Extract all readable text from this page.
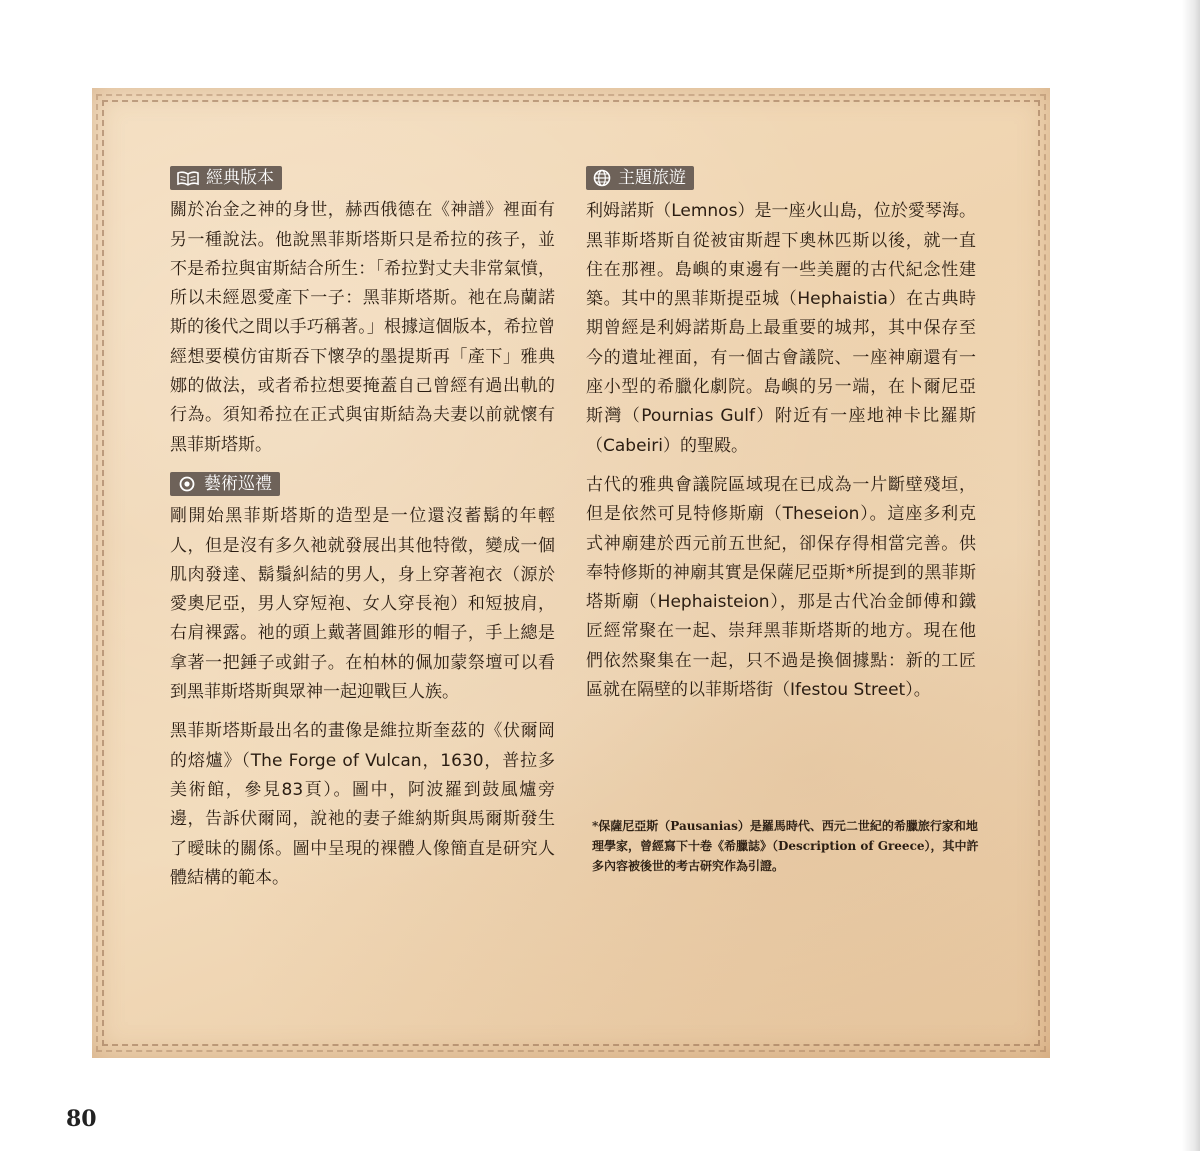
經典版本

關於冶金之神的身世，赫西俄德在《神譜》裡面有另一種說法。他說黑菲斯塔斯只是希拉的孩子，並不是希拉與宙斯結合所生：「希拉對丈夫非常氣憤，所以未經恩愛產下一子：黑菲斯塔斯。祂在烏蘭諾斯的後代之間以手巧稱著。」根據這個版本，希拉曾經想要模仿宙斯吞下懷孕的墨提斯再「產下」雅典娜的做法，或者希拉想要掩蓋自己曾經有過出軌的行為。須知希拉在正式與宙斯結為夫妻以前就懷有黑菲斯塔斯。

藝術巡禮

剛開始黑菲斯塔斯的造型是一位還沒蓄鬍的年輕人，但是沒有多久祂就發展出其他特徵，變成一個肌肉發達、鬍鬚糾結的男人，身上穿著袍衣（源於愛奧尼亞，男人穿短袍、女人穿長袍）和短披肩，右肩裸露。祂的頭上戴著圓錐形的帽子，手上總是拿著一把錘子或鉗子。在柏林的佩加蒙祭壇可以看到黑菲斯塔斯與眾神一起迎戰巨人族。

黑菲斯塔斯最出名的畫像是維拉斯奎茲的《伏爾岡的熔爐》（The Forge of Vulcan，1630，普拉多美術館，參見83頁）。圖中，阿波羅到鼓風爐旁邊，告訴伏爾岡，說祂的妻子維納斯與馬爾斯發生了曖昧的關係。圖中呈現的裸體人像簡直是研究人體結構的範本。

主題旅遊

利姆諾斯（Lemnos）是一座火山島，位於愛琴海。黑菲斯塔斯自從被宙斯趕下奧林匹斯以後，就一直住在那裡。島嶼的東邊有一些美麗的古代紀念性建築。其中的黑菲斯提亞城（Hephaistia）在古典時期曾經是利姆諾斯島上最重要的城邦，其中保存至今的遺址裡面，有一個古會議院、一座神廟還有一座小型的希臘化劇院。島嶼的另一端，在卜爾尼亞斯灣（Pournias Gulf）附近有一座地神卡比羅斯（Cabeiri）的聖殿。

古代的雅典會議院區域現在已成為一片斷壁殘垣，但是依然可見特修斯廟（Theseion）。這座多利克式神廟建於西元前五世紀，卻保存得相當完善。供奉特修斯的神廟其實是保薩尼亞斯*所提到的黑菲斯塔斯廟（Hephaisteion），那是古代冶金師傅和鐵匠經常聚在一起、崇拜黑菲斯塔斯的地方。現在他們依然聚集在一起，只不過是換個據點：新的工匠區就在隔壁的以菲斯塔街（Ifestou Street）。

*保薩尼亞斯（Pausanias）是羅馬時代、西元二世紀的希臘旅行家和地理學家，曾經寫下十卷《希臘誌》（Description of Greece），其中許多內容被後世的考古研究作為引證。
80
